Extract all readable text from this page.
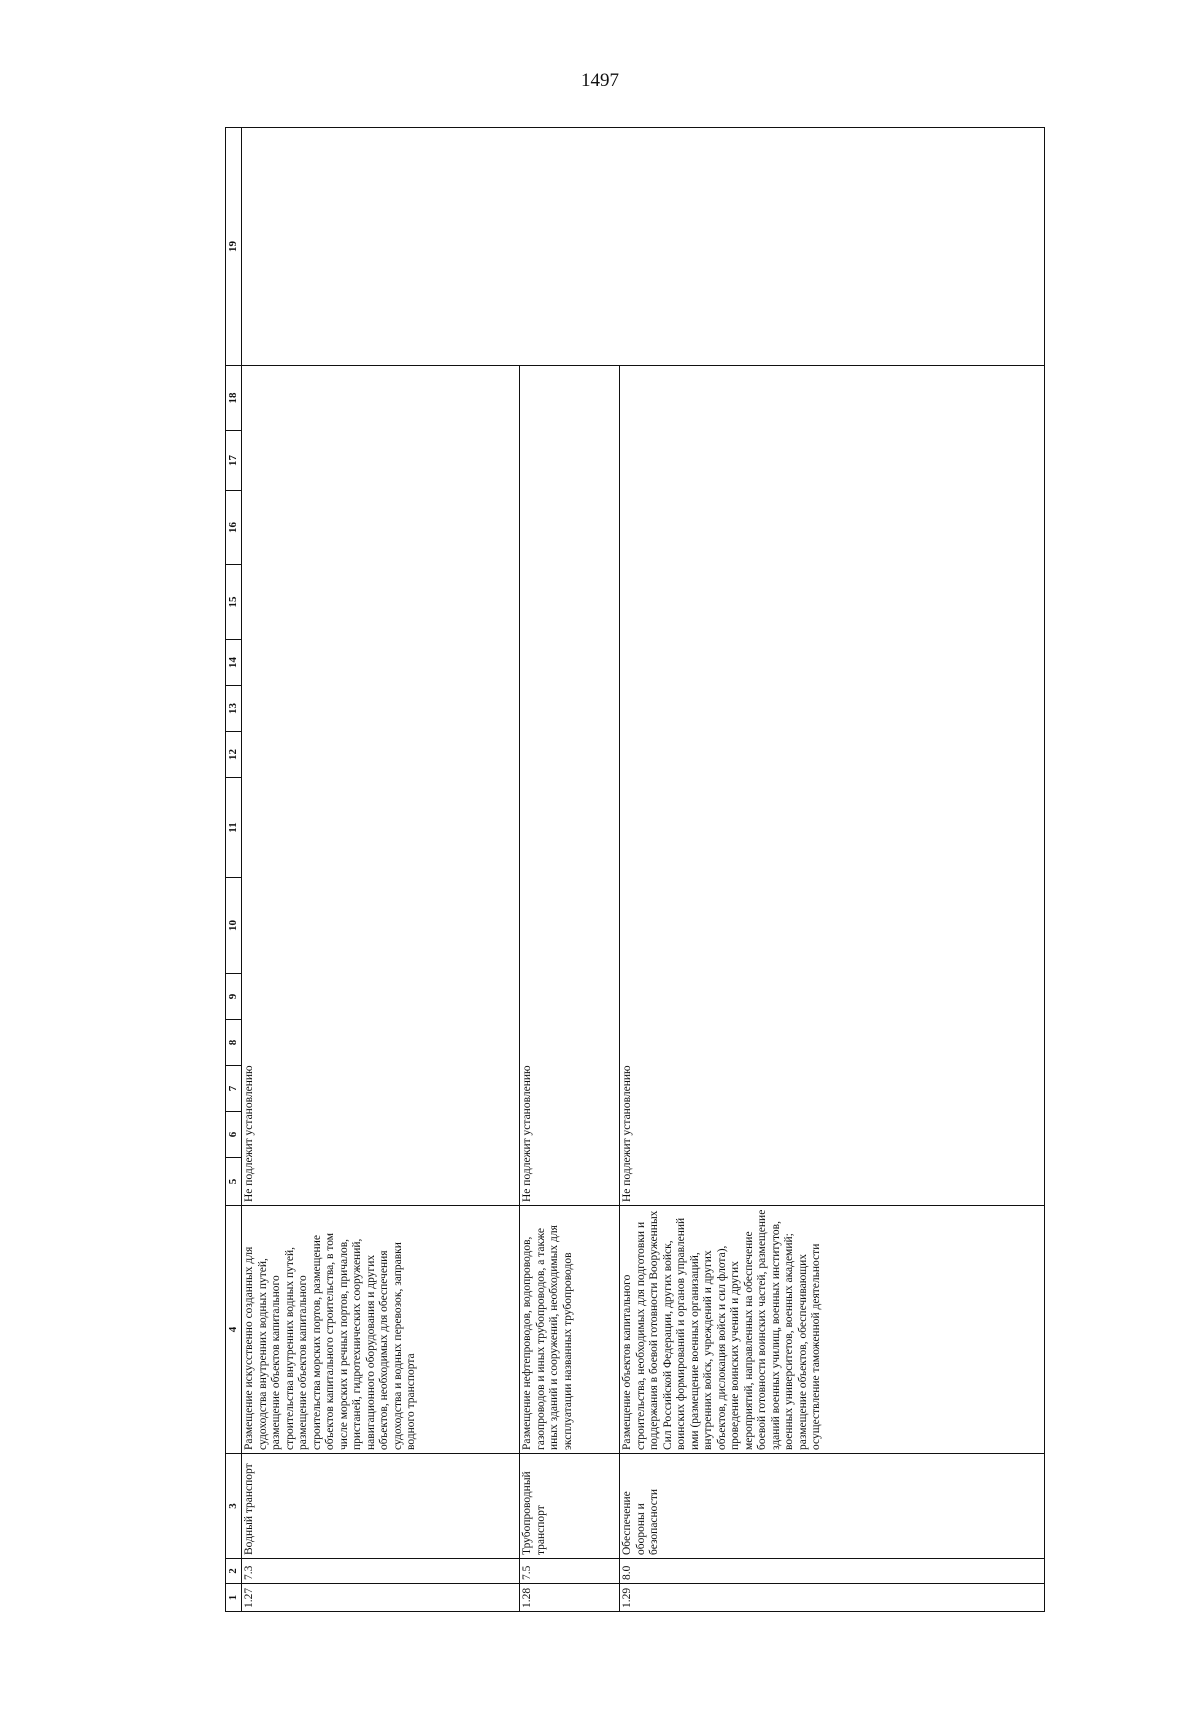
1497
1	2	3	4	5	6	7	8	9	10	11	12	13	14	15	16	17	18	19
1.27	7.3	Водный транспорт	Размещение искусственно созданных для судоходства внутренних водных путей, размещение объектов капитального строительства внутренних водных путей, размещение объектов капитального строительства морских портов, размещение объектов капитального строительства, в том числе морских и речных портов, причалов, пристаней, гидротехнических сооружений, навигационного оборудования и других объектов, необходимых для обеспечения судоходства и водных перевозок, заправки водного транспорта	Не подлежит установлению														
1.28	7.5	Трубопроводный транспорт	Размещение нефтепроводов, водопроводов, газопроводов и иных трубопроводов, а также иных зданий и сооружений, необходимых для эксплуатации названных трубопроводов	Не подлежит установлению														
1.29	8.0	Обеспечение обороны и безопасности	Размещение объектов капитального строительства, необходимых для подготовки и поддержания в боевой готовности Вооруженных Сил Российской Федерации, других войск, воинских формирований и органов управлений ими (размещение военных организаций, внутренних войск, учреждений и других объектов, дислокация войск и сил флота), проведение воинских учений и других мероприятий, направленных на обеспечение боевой готовности воинских частей, размещение зданий военных училищ, военных институтов, военных университетов, военных академий; размещение объектов, обеспечивающих осуществление таможенной деятельности	Не подлежит установлению														
